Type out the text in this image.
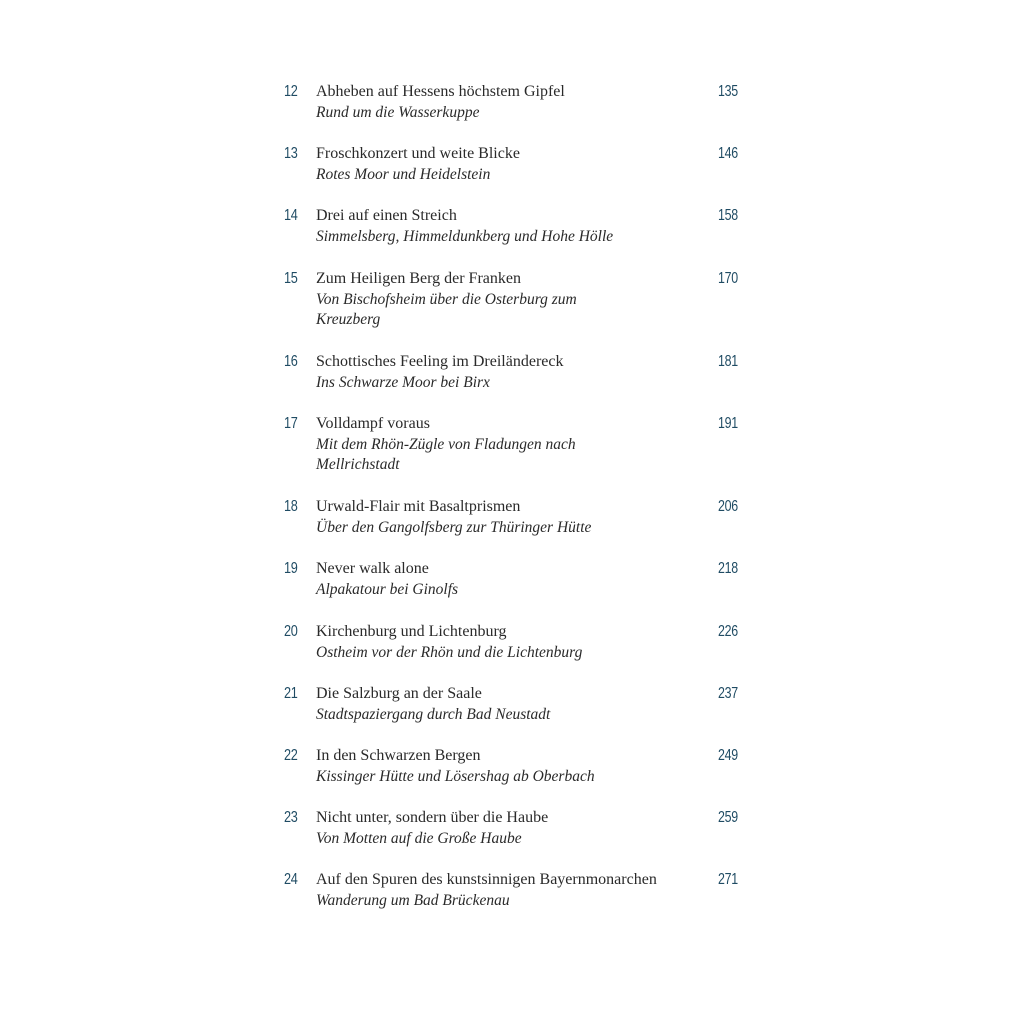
12 Abheben auf Hessens höchstem Gipfel
Rund um die Wasserkuppe
135
13 Froschkonzert und weite Blicke
Rotes Moor und Heidelstein
146
14 Drei auf einen Streich
Simmelsberg, Himmeldunkberg und Hohe Hölle
158
15 Zum Heiligen Berg der Franken
Von Bischofsheim über die Osterburg zum Kreuzberg
170
16 Schottisches Feeling im Dreiländereck
Ins Schwarze Moor bei Birx
181
17 Volldampf voraus
Mit dem Rhön-Zügle von Fladungen nach Mellrichstadt
191
18 Urwald-Flair mit Basaltprismen
Über den Gangolfsberg zur Thüringer Hütte
206
19 Never walk alone
Alpakatour bei Ginolfs
218
20 Kirchenburg und Lichtenburg
Ostheim vor der Rhön und die Lichtenburg
226
21 Die Salzburg an der Saale
Stadtspaziergang durch Bad Neustadt
237
22 In den Schwarzen Bergen
Kissinger Hütte und Lösershag ab Oberbach
249
23 Nicht unter, sondern über die Haube
Von Motten auf die Große Haube
259
24 Auf den Spuren des kunstsinnigen Bayernmonarchen
Wanderung um Bad Brückenau
271
